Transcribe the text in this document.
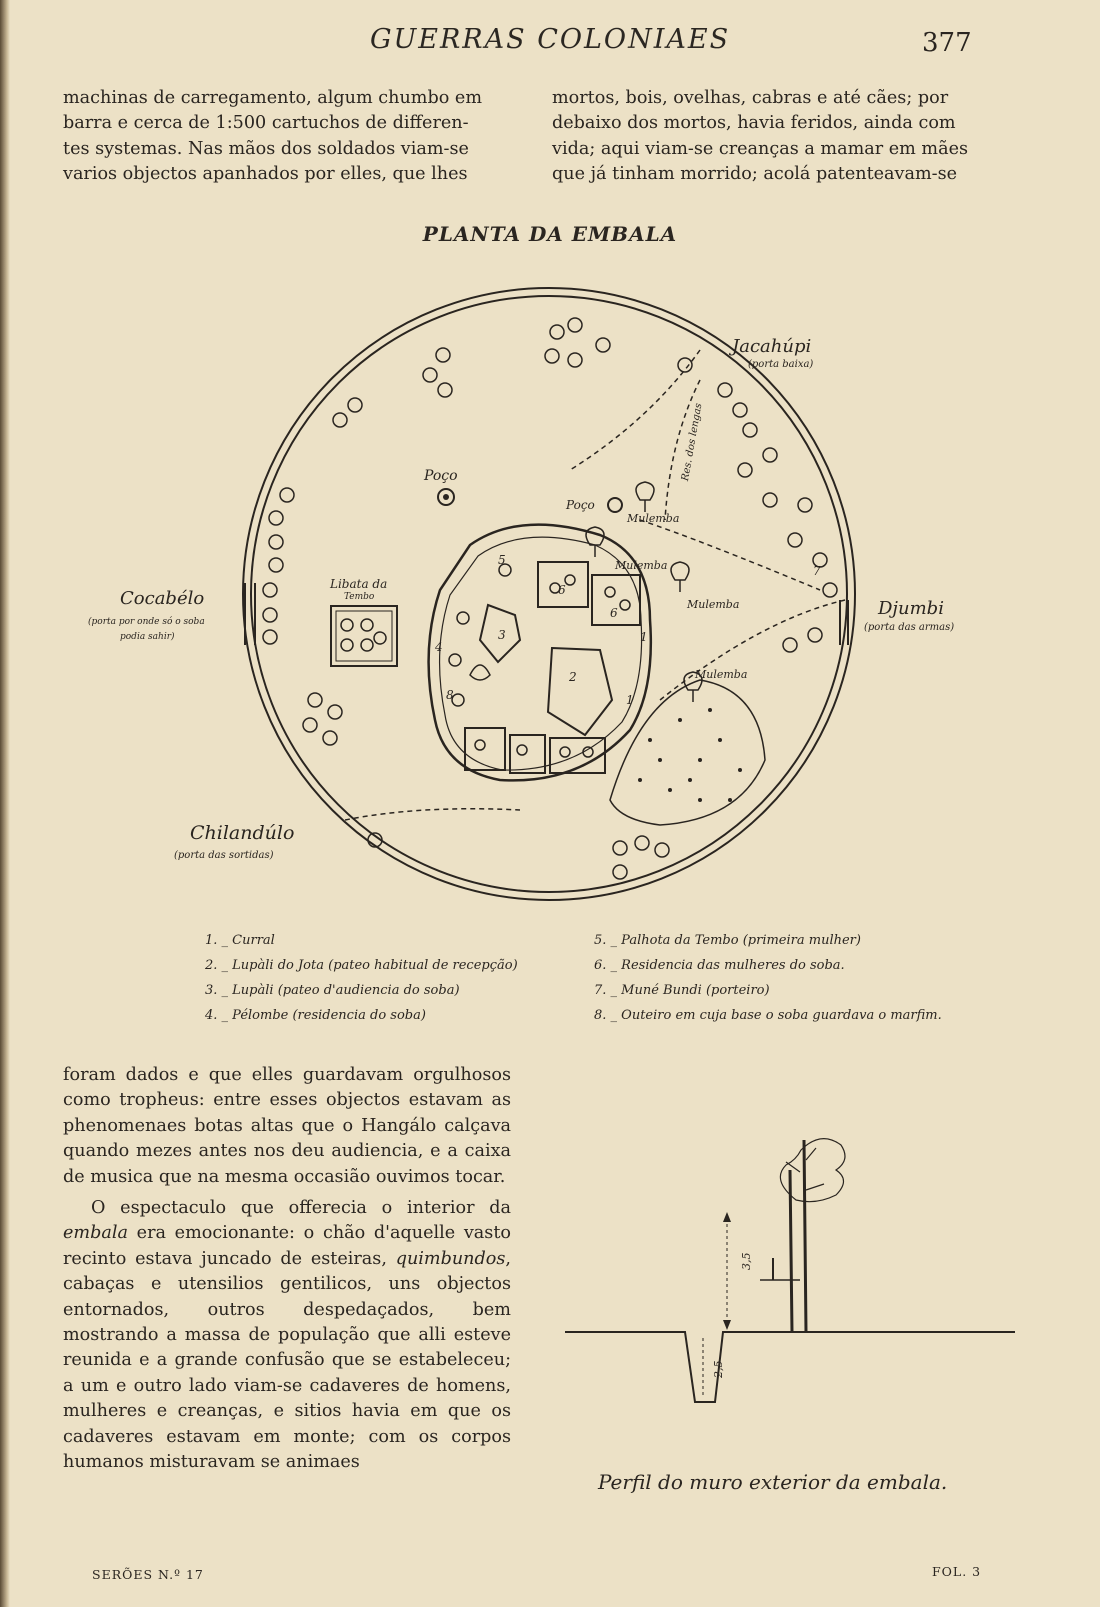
GUERRAS COLONIAES	377
machinas de carregamento, algum chumbo em
barra e cerca de 1:500 cartuchos de differen-
tes systemas. Nas mãos dos soldados viam-se
varios objectos apanhados por elles, que lhes
mortos, bois, ovelhas, cabras e até cães; por
debaixo dos mortos, havia feridos, ainda com
vida; aqui viam-se creanças a mamar em mães
que já tinham morrido; acolá patenteavam-se
PLANTA DA EMBALA
Jacahúpi
(porta baixa)
Cocabélo
(porta por onde só o soba
podia sahir)
Djumbi
(porta das armas)
Chilandúlo
(porta das sortidas)
Poço
Poço
Libata da
Tembo
Mulemba
Mulemba
Mulemba
Mulemba
Res. dos lengas
1
1
2
3
4
5
6
6
7
8
1. _ Curral
2. _ Lupàli do Jota (pateo habitual de recepção)
3. _ Lupàli (pateo d'audiencia do soba)
4. _ Pélombe (residencia do soba)
5. _ Palhota da Tembo (primeira mulher)
6. _ Residencia das mulheres do soba.
7. _ Muné Bundi (porteiro)
8. _ Outeiro em cuja base o soba guardava o marfim.

foram dados e que elles guardavam orgulhosos como tropheus: entre esses objectos estavam as phenomenaes botas altas que o Hangálo calçava quando mezes antes nos deu audiencia, e a caixa de musica que na mesma occasião ouvimos tocar.

O espectaculo que offerecia o interior da embala era emocionante: o chão d'aquelle vasto recinto estava juncado de esteiras, quimbundos, cabaças e utensilios gentilicos, uns objectos entornados, outros despedaçados, bem mostrando a massa de população que alli esteve reunida e a grande confusão que se estabeleceu; a um e outro lado viam-se cadaveres de homens, mulheres e creanças, e sitios havia em que os cadaveres estavam em monte; com os corpos humanos misturavam se animaes

3,5
2,5
Perfil do muro exterior da embala.
SERÕES N.º 17	FOL. 3
